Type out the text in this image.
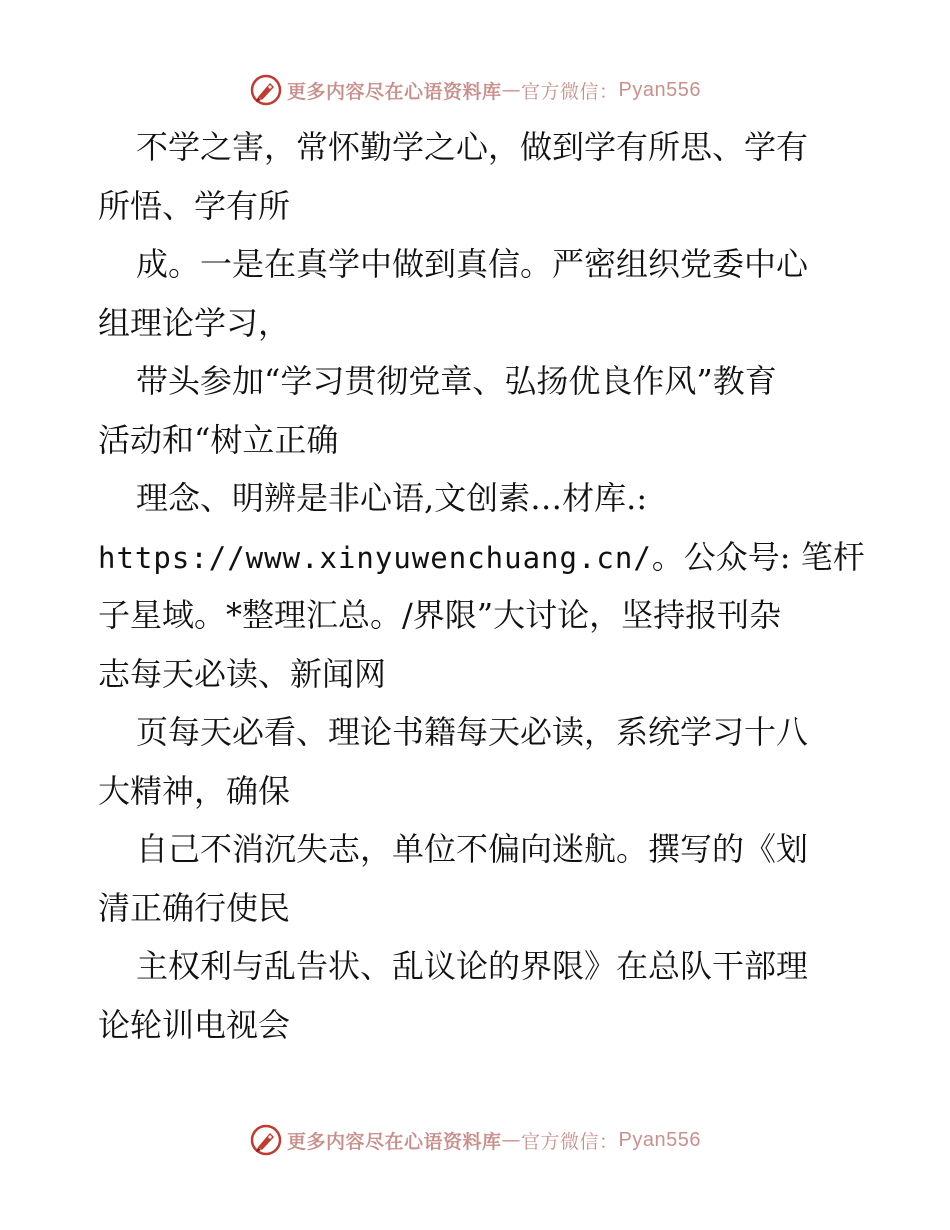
更多内容尽在心语资料库 — 官方微信： Pyan556
不学之害，常怀勤学之心，做到学有所思、学有
所悟、学有所
成。一是在真学中做到真信。严密组织党委中心
组理论学习，
带头参加“学习贯彻党章、弘扬优良作风”教育
活动和“树立正确
理念、明辨是非心语,文创素…材库.:
https://www.xinyuwenchuang.cn/。公众号: 笔杆
子星域。*整理汇总。/界限”大讨论，坚持报刊杂
志每天必读、新闻网
页每天必看、理论书籍每天必读，系统学习十八
大精神，确保
自己不消沉失志，单位不偏向迷航。撰写的《划
清正确行使民
主权利与乱告状、乱议论的界限》在总队干部理
论轮训电视会
更多内容尽在心语资料库 — 官方微信： Pyan556
